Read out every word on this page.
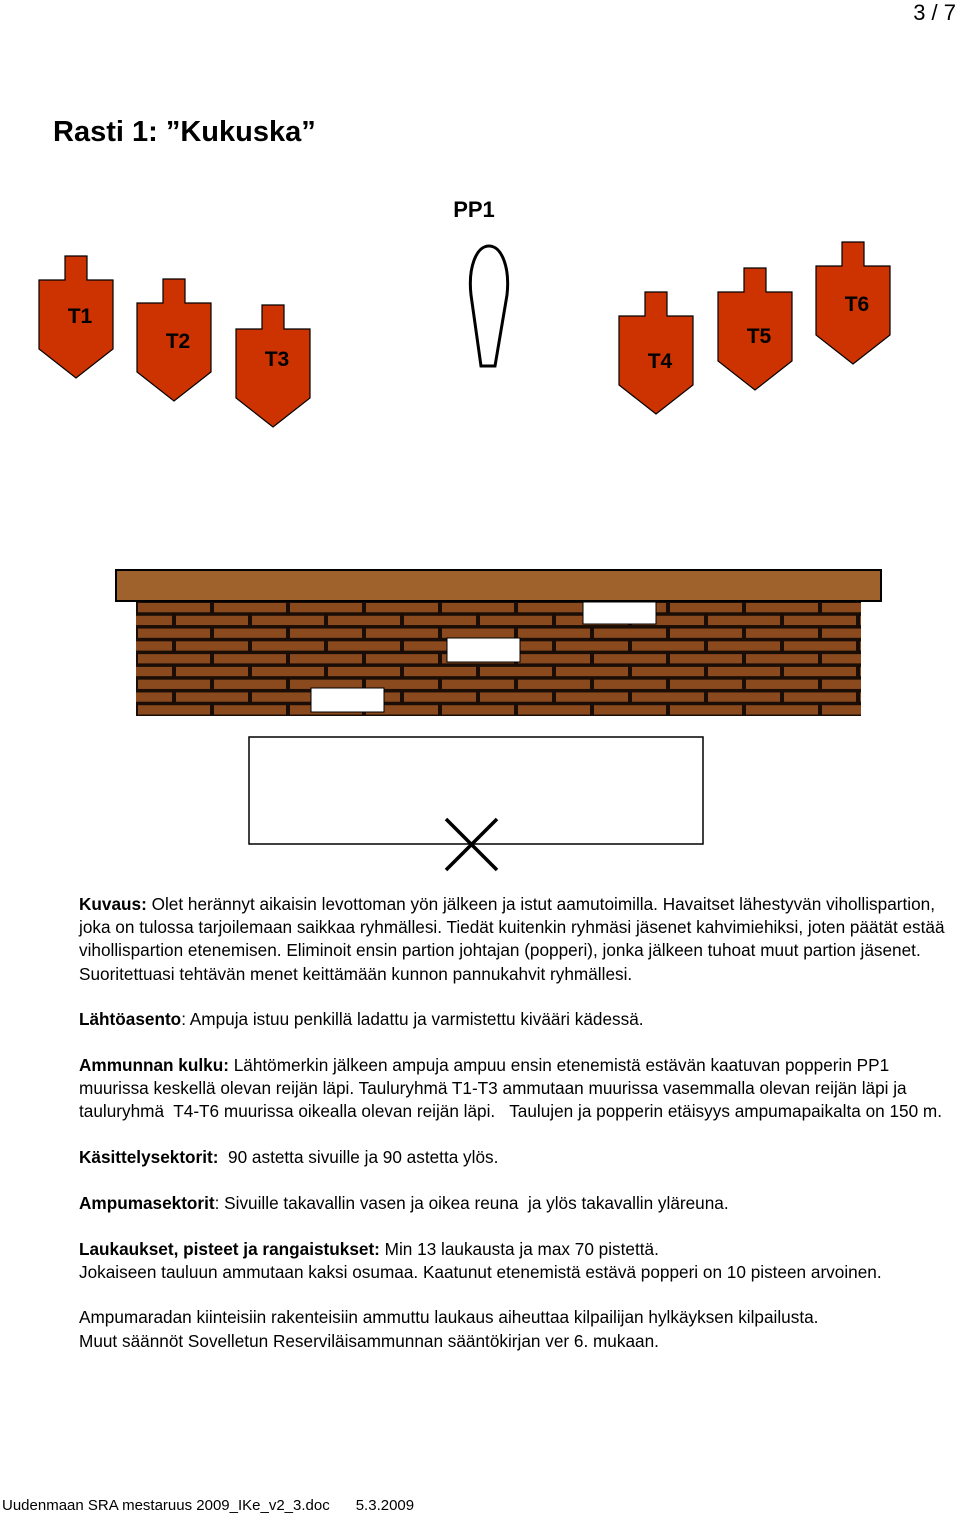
3 / 7
Rasti 1: ”Kukuska”
PP1
T1
T2
T3	T4
T5
T6

Kuvaus: Olet herännyt aikaisin levottoman yön jälkeen ja istut aamutoimilla. Havaitset lähestyvän vihollispartion, joka on tulossa tarjoilemaan saikkaa ryhmällesi. Tiedät kuitenkin ryhmäsi jäsenet kahvimiehiksi, joten päätät estää vihollispartion etenemisen. Eliminoit ensin partion johtajan (popperi), jonka jälkeen tuhoat muut partion jäsenet. Suoritettuasi tehtävän menet keittämään kunnon pannukahvit ryhmällesi.

Lähtöasento: Ampuja istuu penkillä ladattu ja varmistettu kivääri kädessä.

Ammunnan kulku: Lähtömerkin jälkeen ampuja ampuu ensin etenemistä estävän kaatuvan popperin PP1 muurissa keskellä olevan reijän läpi. Tauluryhmä T1-T3 ammutaan muurissa vasemmalla olevan reijän läpi ja tauluryhmä  T4-T6 muurissa oikealla olevan reijän läpi.   Taulujen ja popperin etäisyys ampumapaikalta on 150 m.

Käsittelysektorit:  90 astetta sivuille ja 90 astetta ylös.

Ampumasektorit: Sivuille takavallin vasen ja oikea reuna  ja ylös takavallin yläreuna.

Laukaukset, pisteet ja rangaistukset: Min 13 laukausta ja max 70 pistettä.
Jokaiseen tauluun ammutaan kaksi osumaa. Kaatunut etenemistä estävä popperi on 10 pisteen arvoinen.

Ampumaradan kiinteisiin rakenteisiin ammuttu laukaus aiheuttaa kilpailijan hylkäyksen kilpailusta.
Muut säännöt Sovelletun Reserviläisammunnan sääntökirjan ver 6. mukaan.

Uudenmaan SRA mestaruus 2009_IKe_v2_3.doc 5.3.2009
